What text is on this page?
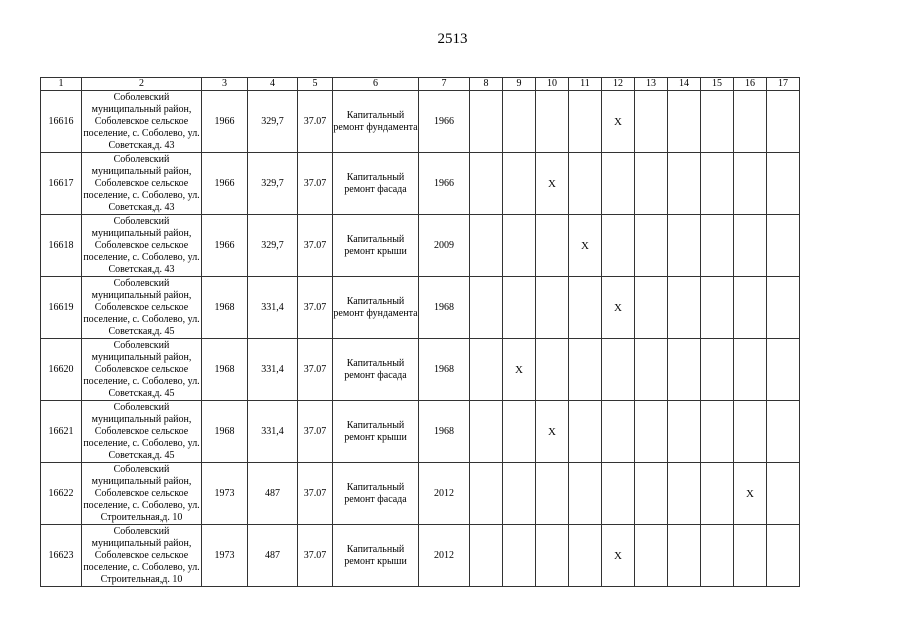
2513
1	2	3	4	5	6	7	8	9	10	11	12	13	14	15	16	17
16616	Соболевский муниципальный район, Соболевское сельское поселение, с. Соболево, ул. Советская,д. 43	1966	329,7	37.07	Капитальный ремонт фундамента	1966					X					
16617	Соболевский муниципальный район, Соболевское сельское поселение, с. Соболево, ул. Советская,д. 43	1966	329,7	37.07	Капитальный ремонт фасада	1966			X							
16618	Соболевский муниципальный район, Соболевское сельское поселение, с. Соболево, ул. Советская,д. 43	1966	329,7	37.07	Капитальный ремонт крыши	2009				X						
16619	Соболевский муниципальный район, Соболевское сельское поселение, с. Соболево, ул. Советская,д. 45	1968	331,4	37.07	Капитальный ремонт фундамента	1968					X					
16620	Соболевский муниципальный район, Соболевское сельское поселение, с. Соболево, ул. Советская,д. 45	1968	331,4	37.07	Капитальный ремонт фасада	1968		X								
16621	Соболевский муниципальный район, Соболевское сельское поселение, с. Соболево, ул. Советская,д. 45	1968	331,4	37.07	Капитальный ремонт крыши	1968			X							
16622	Соболевский муниципальный район, Соболевское сельское поселение, с. Соболево, ул. Строительная,д. 10	1973	487	37.07	Капитальный ремонт фасада	2012									X	
16623	Соболевский муниципальный район, Соболевское сельское поселение, с. Соболево, ул. Строительная,д. 10	1973	487	37.07	Капитальный ремонт крыши	2012					X					
